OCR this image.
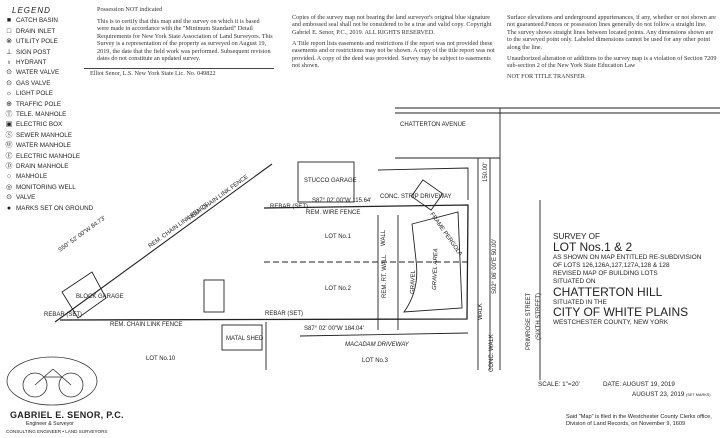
LEGEND
■ CATCH BASIN
□ DRAIN INLET
⊗ UTILITY POLE
⊥ SIGN POST
♁ HYDRANT
⊙ WATER VALVE
⊙ GAS VALVE
☼ LIGHT POLE
⊕ TRAFFIC POLE
Ⓣ TELE. MANHOLE
▣ ELECTRIC BOX
Ⓢ SEWER MANHOLE
Ⓦ WATER MANHOLE
Ⓔ ELECTRIC MANHOLE
Ⓓ DRAIN MANHOLE
○ MANHOLE
◎ MONITORING WELL
⊙ VALVE
● MARKS SET ON GROUND
Possession NOT indicated
This is to certify that this map and the survey on which it is based were made in accordance with the "Minimum Standard" Detail Requirements for New York State Association of Land Surveyors. This Survey is a representation of the property as surveyed on August 19, 2019, the date that the field work was performed. Subsequent revision dates do not constitute an updated survey.
Elliot Senor, L.S. New York State Lic. No. 049822
Copies of the survey map not bearing the land surveyor's original blue signature and embossed seal shall not be considered to be a true and valid copy. Copyright Gabriel E. Senor, P.C., 2019. ALL RIGHTS RESERVED.
A Title report lists easements and restrictions if the report was not provided these easements and or restrictions may not be shown. A copy of the title report was not provided. A copy of the deed was provided. Survey may be subject to easements not shown.
Surface elevations and underground appurtenances, if any, whether or not shown are not guaranteed.Fences or possession lines generally do not follow a straight line. The survey shows straight lines between located points. Any dimensions shown are to the surveyed point only. Labeled dimensions cannot be used for any other point along the line.
Unauthorized alteration or additions to the survey map is a violation of Section 7209 sub-section 2 of the New York State Education Law
NOT FOR TITLE TRANSFER
CHATTERTON AVENUE
STUCCO GARAGE
S87° 02' 00"W 115.64'
CONC. STRIP DRIVEWAY
REM. WIRE FENCE
LOT No.1
LOT No.2
LOT No.3
LOT No.10
S87° 02' 00"W 184.04'
MACADAM DRIVEWAY
REM. CHAIN LINK FENCE
MATAL SHED
BLOCK GARAGE
S50° 52' 00"W 84.73'	REM. CHAIN LINK FENCE
REM. CHAIN LINK FENCE
GRAVEL AREA
GRAVEL
WALL
REM. RT. WALL
FRAME PERGOLA
WALK
S02° 06' 00"E 50.00'
150.00'
CONC. WALK
REBAR (SET)
REBAR (SET)
REBAR (SET)	PRIMROSE STREET (SIXTH STREET)
SURVEY OF
LOT Nos.1 & 2
AS SHOWN ON MAP ENTITLED RE-SUBDIVISION
OF LOTS 126,126A,127,127A,128 & 128
REVISED MAP OF BUILDING LOTS
SITUATED ON
CHATTERTON HILL
SITUATED IN THE
CITY OF WHITE PLAINS
WESTCHESTER COUNTY, NEW YORK
SCALE: 1"=20'	DATE: AUGUST 19, 2019
AUGUST 23, 2019 (SET MARKS)
Said "Map" is filed in the Westchester County Clerks office, Division of Land Records, on November 9, 1609
GABRIEL E. SENOR, P.C.
Engineer & Surveyor
CONSULTING ENGINEER • LAND SURVEYORS
